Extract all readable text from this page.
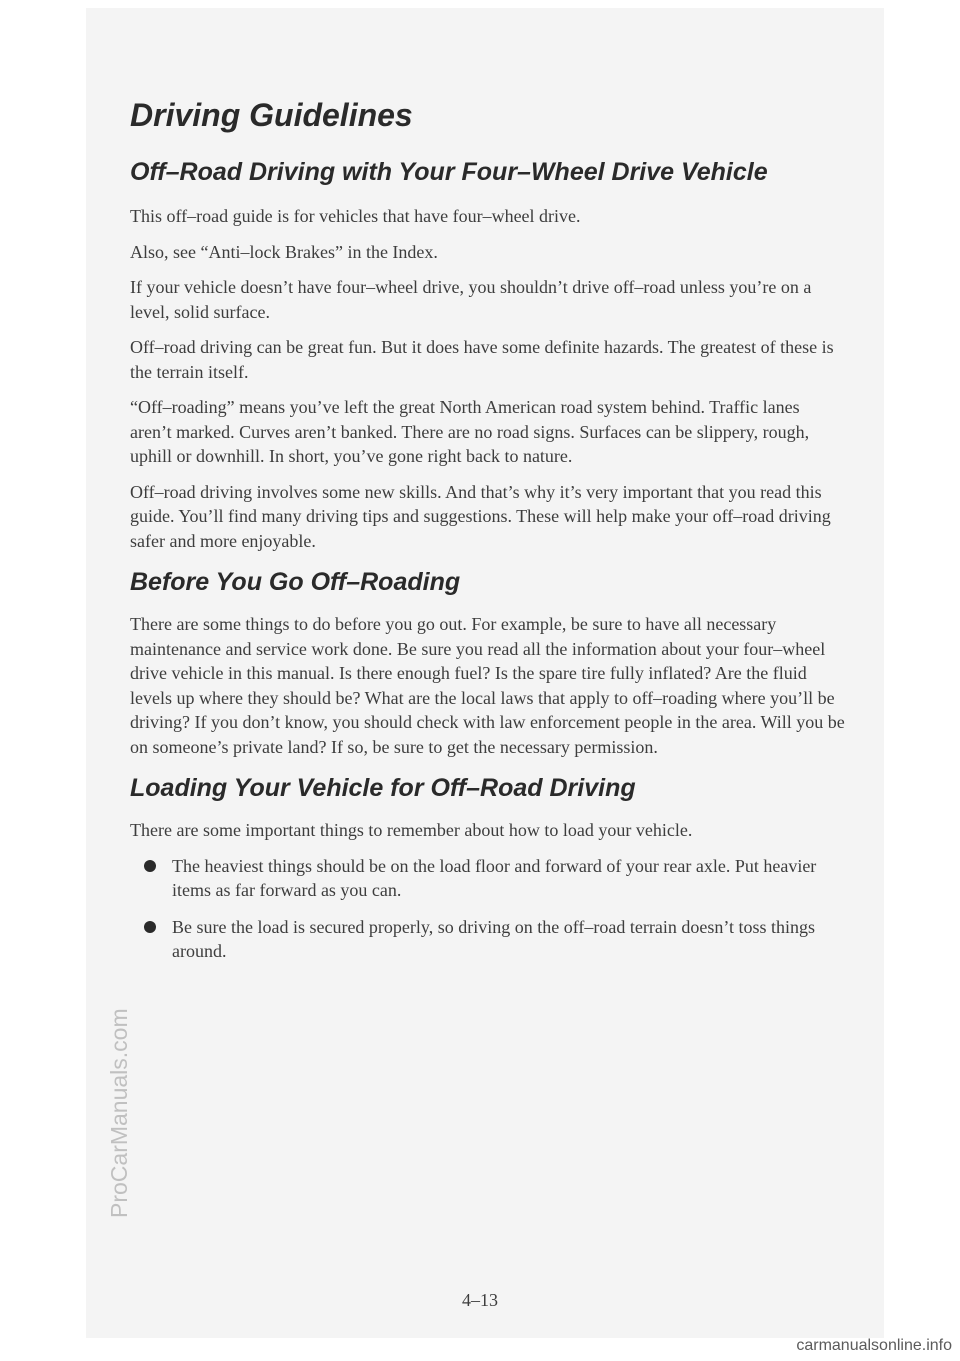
Driving Guidelines
Off–Road Driving with Your Four–Wheel Drive Vehicle

This off–road guide is for vehicles that have four–wheel drive.

Also, see “Anti–lock Brakes” in the Index.

If your vehicle doesn’t have four–wheel drive, you shouldn’t drive off–road unless you’re on a level, solid surface.

Off–road driving can be great fun. But it does have some definite hazards. The greatest of these is the terrain itself.

“Off–roading” means you’ve left the great North American road system behind. Traffic lanes aren’t marked. Curves aren’t banked. There are no road signs. Surfaces can be slippery, rough, uphill or downhill. In short, you’ve gone right back to nature.

Off–road driving involves some new skills. And that’s why it’s very important that you read this guide. You’ll find many driving tips and suggestions. These will help make your off–road driving safer and more enjoyable.

Before You Go Off–Roading

There are some things to do before you go out. For example, be sure to have all necessary maintenance and service work done. Be sure you read all the information about your four–wheel drive vehicle in this manual. Is there enough fuel? Is the spare tire fully inflated? Are the fluid levels up where they should be? What are the local laws that apply to off–roading where you’ll be driving? If you don’t know, you should check with law enforcement people in the area. Will you be on someone’s private land? If so, be sure to get the necessary permission.

Loading Your Vehicle for Off–Road Driving

There are some important things to remember about how to load your vehicle.

The heaviest things should be on the load floor and forward of your rear axle. Put heavier items as far forward as you can.
Be sure the load is secured properly, so driving on the off–road terrain doesn’t toss things around.
4–13
ProCarManuals.com
carmanualsonline.info
